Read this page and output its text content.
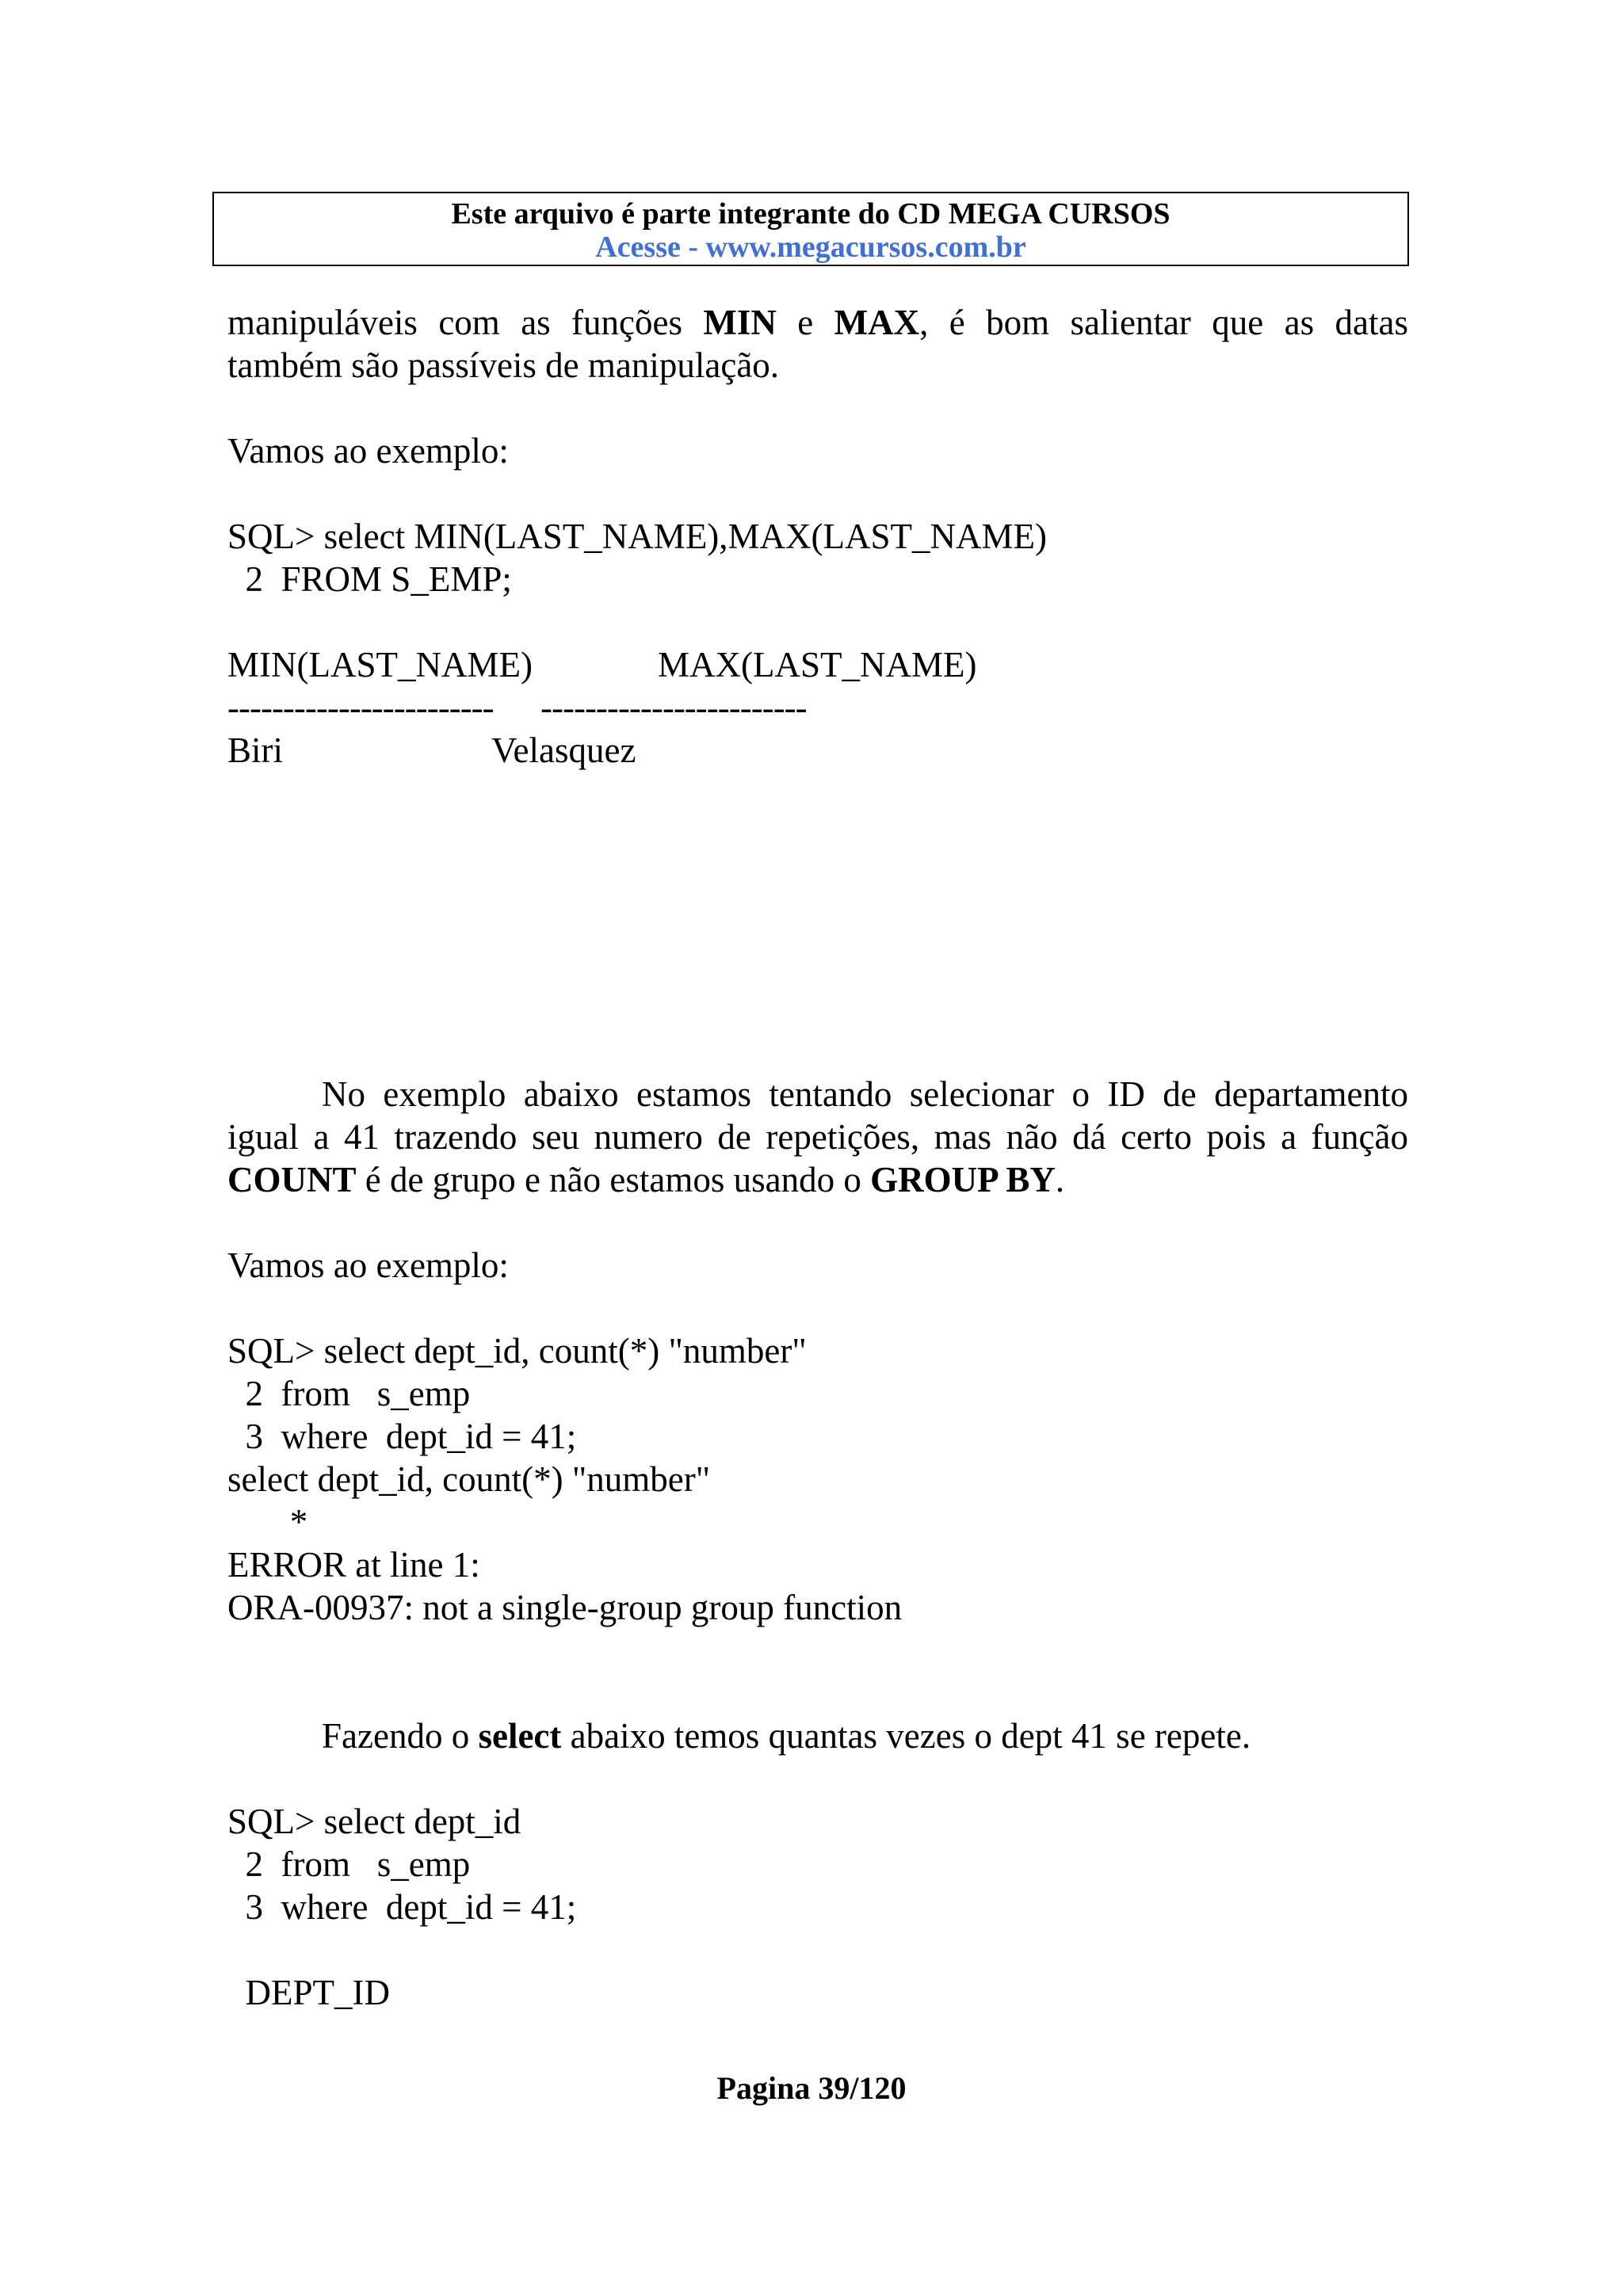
Este arquivo é parte integrante do CD MEGA CURSOS
Acesse - www.megacursos.com.br
manipuláveis com as funções MIN e MAX, é bom salientar que as datas
também são passíveis de manipulação.
Vamos ao exemplo:
SQL> select MIN(LAST_NAME),MAX(LAST_NAME)
2  FROM S_EMP;
MIN(LAST_NAME)	MAX(LAST_NAME)
------------------------ ------------------------
Biri	Velasquez
No exemplo abaixo estamos tentando selecionar o ID de departamento
igual a 41 trazendo seu numero de repetições, mas não dá certo pois a função
COUNT é de grupo e não estamos usando o GROUP BY.
Vamos ao exemplo:
SQL> select dept_id, count(*) "number"
2  from   s_emp
3  where  dept_id = 41;
select dept_id, count(*) "number"
*
ERROR at line 1:
ORA-00937: not a single-group group function
Fazendo o select abaixo temos quantas vezes o dept 41 se repete.
SQL> select dept_id
2  from   s_emp
3  where  dept_id = 41;
DEPT_ID
Pagina 39/120
